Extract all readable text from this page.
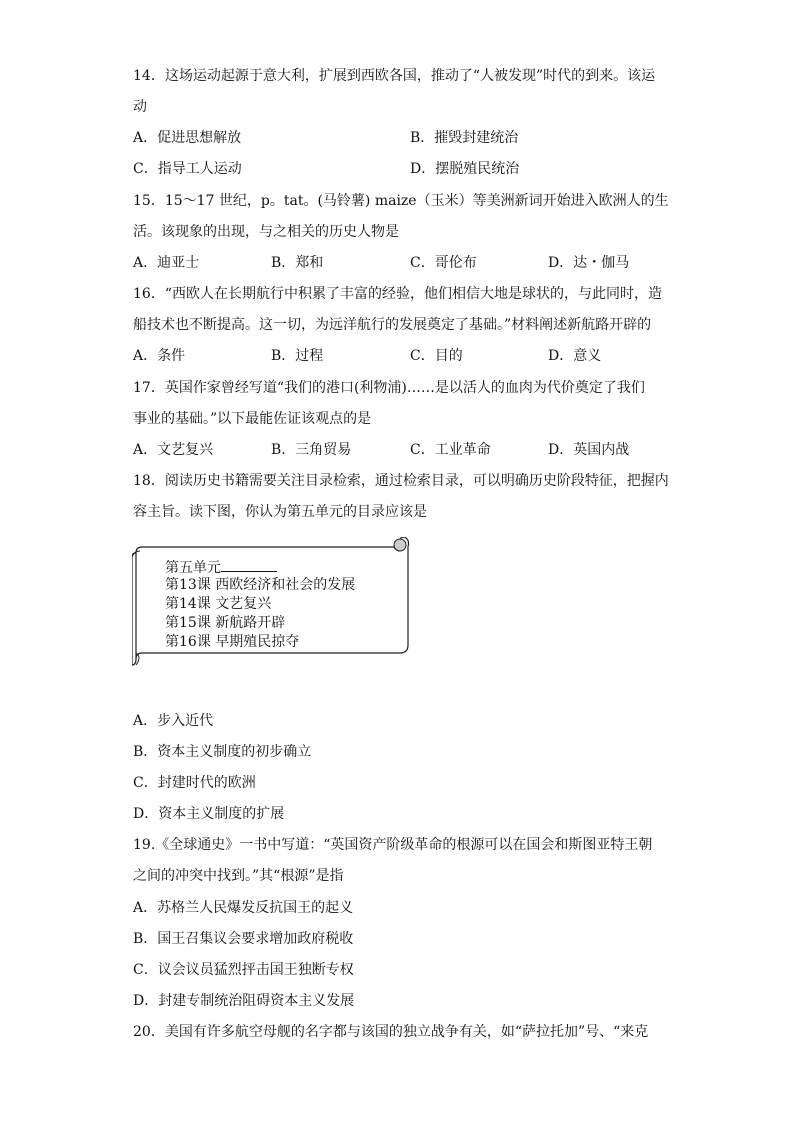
14．这场运动起源于意大利，扩展到西欧各国，推动了“人被发现”时代的到来。该运
动
A．促进思想解放	B．摧毁封建统治
C．指导工人运动	D．摆脱殖民统治
15．15～17 世纪，p。tat。(马铃薯) maize（玉米）等美洲新词开始进入欧洲人的生
活。该现象的出现，与之相关的历史人物是
A．迪亚士	B．郑和	C．哥伦布	D．达・伽马
16．“西欧人在长期航行中积累了丰富的经验，他们相信大地是球状的，与此同时，造
船技术也不断提高。这一切，为远洋航行的发展奠定了基础。”材料阐述新航路开辟的
A．条件	B．过程	C．目的	D．意义
17．英国作家曾经写道“我们的港口(利物浦)……是以活人的血肉为代价奠定了我们
事业的基础。”以下最能佐证该观点的是
A．文艺复兴	B．三角贸易	C．工业革命	D．英国内战
18．阅读历史书籍需要关注目录检索，通过检索目录，可以明确历史阶段特征，把握内
容主旨。读下图，你认为第五单元的目录应该是
第五单元
第13课 西欧经济和社会的发展
第14课 文艺复兴
第15课 新航路开辟
第16课 早期殖民掠夺
A．步入近代
B．资本主义制度的初步确立
C．封建时代的欧洲
D．资本主义制度的扩展
19.《全球通史》一书中写道：“英国资产阶级革命的根源可以在国会和斯图亚特王朝
之间的冲突中找到。”其“根源”是指
A．苏格兰人民爆发反抗国王的起义
B．国王召集议会要求增加政府税收
C．议会议员猛烈抨击国王独断专权
D．封建专制统治阻碍资本主义发展
20．美国有许多航空母舰的名字都与该国的独立战争有关，如“萨拉托加”号、“来克
